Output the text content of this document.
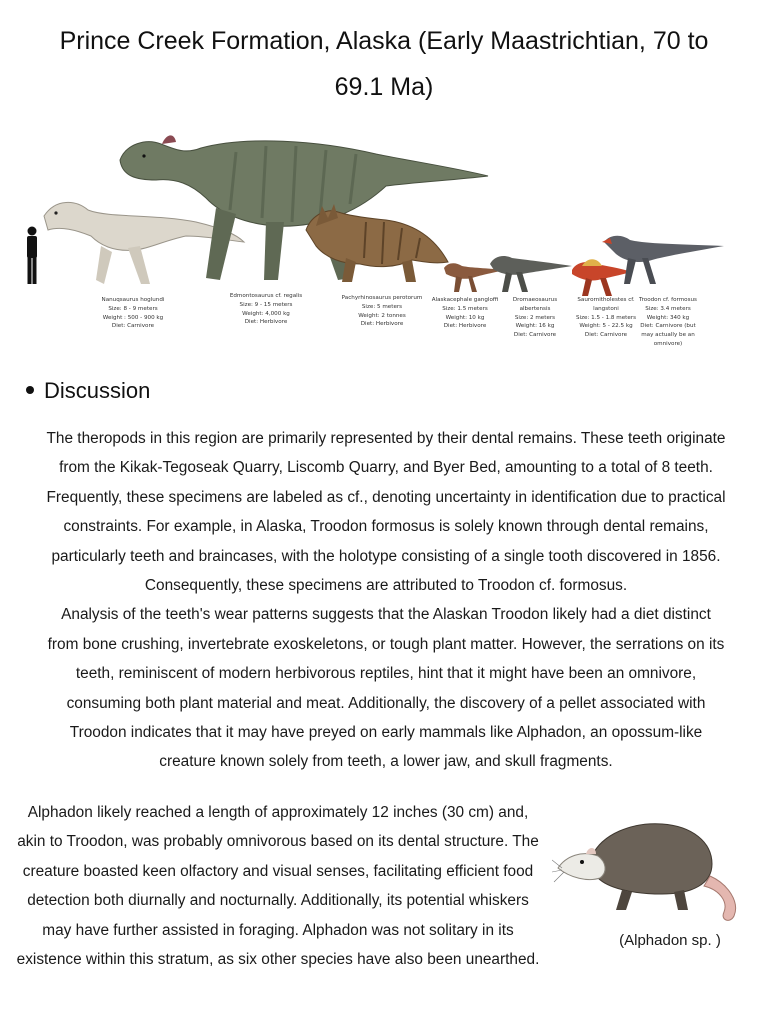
Prince Creek Formation, Alaska (Early Maastrichtian, 70 to 69.1 Ma)
Nanuqsaurus hoglundi
Size: 8 - 9 meters
Weight : 500 - 900 kg
Diet: Carnivore
Edmontosaurus cf. regalis
Size: 9 - 15 meters
Weight: 4,000 kg
Diet: Herbivore
Pachyrhinosaurus perotorum
Size: 5 meters
Weight: 2 tonnes
Diet: Herbivore
Alaskacephale gangloffi
Size: 1.5 meters
Weight: 10 kg
Diet: Herbivore
Dromaeosaurus albertensis
Size: 2 meters
Weight: 16 kg
Diet: Carnivore
Saurornitholestes cf.
langstoni
Size: 1.5 - 1.8 meters
Weight: 5 - 22.5 kg
Diet: Carnivore
Troodon cf. formosus
Size: 3.4 meters
Weight: 340 kg
Diet: Carnivore (but
may actually be an omnivore)
Discussion

The theropods in this region are primarily represented by their dental remains. These teeth originate from the Kikak-Tegoseak Quarry, Liscomb Quarry, and Byer Bed, amounting to a total of 8 teeth. Frequently, these specimens are labeled as cf., denoting uncertainty in identification due to practical constraints. For example, in Alaska, Troodon formosus is solely known through dental remains, particularly teeth and braincases, with the holotype consisting of a single tooth discovered in 1856. Consequently, these specimens are attributed to Troodon cf. formosus.

Analysis of the teeth's wear patterns suggests that the Alaskan Troodon likely had a diet distinct from bone crushing, invertebrate exoskeletons, or tough plant matter. However, the serrations on its teeth, reminiscent of modern herbivorous reptiles, hint that it might have been an omnivore, consuming both plant material and meat. Additionally, the discovery of a pellet associated with Troodon indicates that it may have preyed on early mammals like Alphadon, an opossum-like creature known solely from teeth, a lower jaw, and skull fragments.

Alphadon likely reached a length of approximately 12 inches (30 cm) and, akin to Troodon, was probably omnivorous based on its dental structure. The creature boasted keen olfactory and visual senses, facilitating efficient food detection both diurnally and nocturnally. Additionally, its potential whiskers may have further assisted in foraging. Alphadon was not solitary in its existence within this stratum, as six other species have also been unearthed.

(Alphadon sp. )
